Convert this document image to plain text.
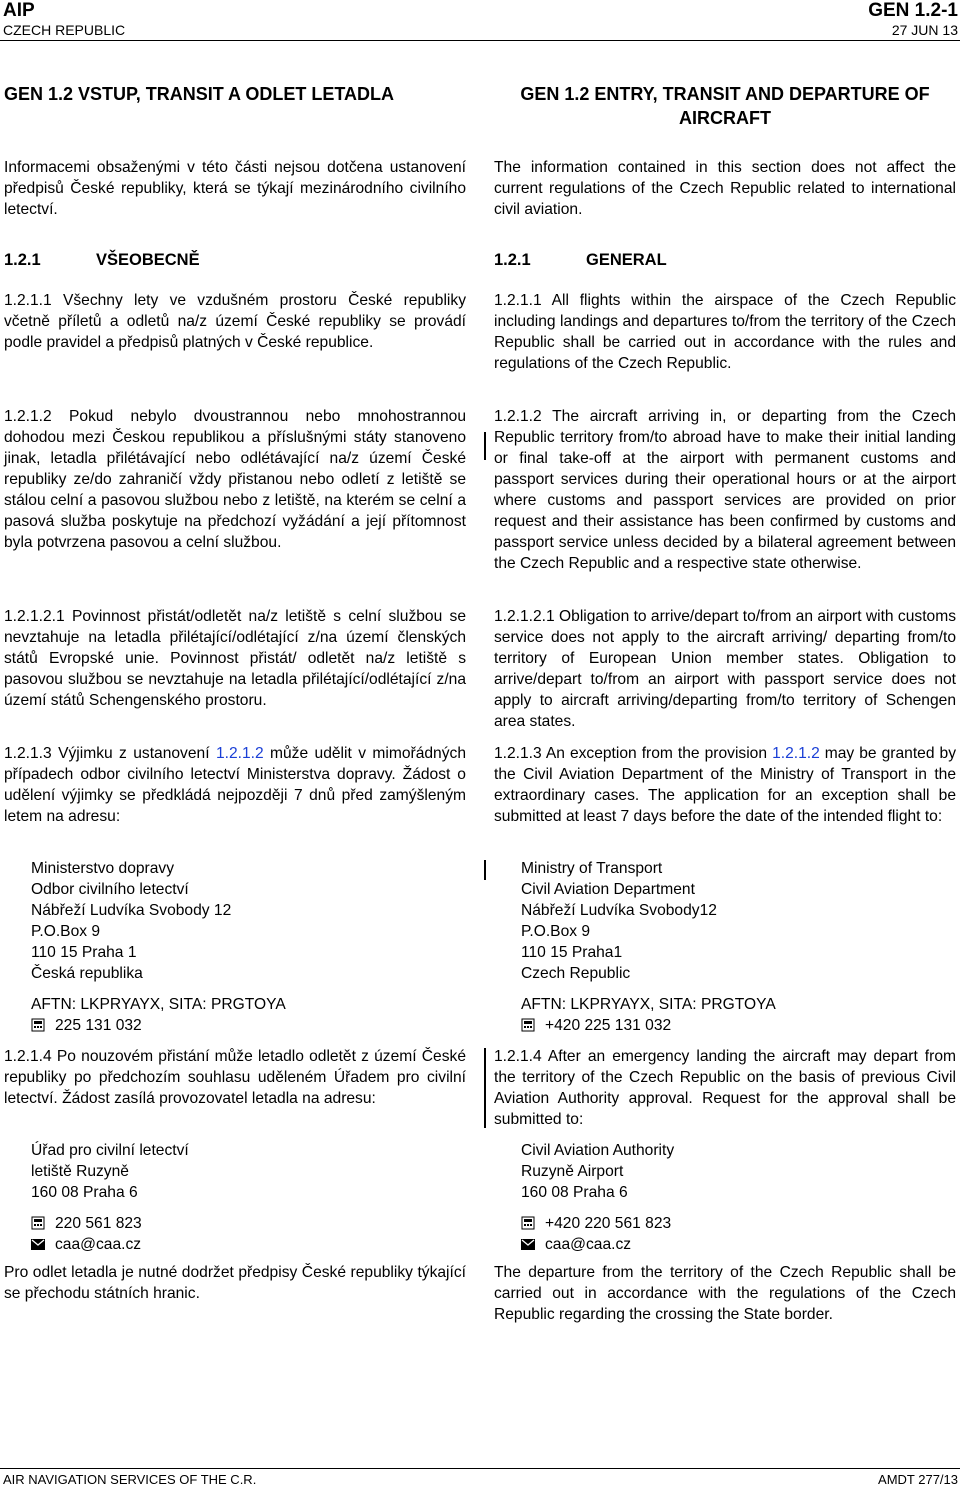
AIP
CZECH REPUBLIC
GEN 1.2-1
27 JUN 13
GEN 1.2 VSTUP, TRANSIT A ODLET LETADLA
Informacemi obsaženými v této části nejsou dotčena ustanovení předpisů České republiky, která se týkají mezinárodního civilního letectví.
1.2.1	VŠEOBECNĚ
1.2.1.1 Všechny lety ve vzdušném prostoru České republiky včetně příletů a odletů na/z území České republiky se provádí podle pravidel a předpisů platných v České republice.
1.2.1.2 Pokud nebylo dvoustrannou nebo mnohostrannou dohodou mezi Českou republikou a příslušnými státy stanoveno jinak, letadla přilétávající nebo odlétávající na/z území České republiky ze/do zahraničí vždy přistanou nebo odletí z letiště se stálou celní a pasovou službou nebo z letiště, na kterém se celní a pasová služba poskytuje na předchozí vyžádání a její přítomnost byla potvrzena pasovou a celní službou.
1.2.1.2.1 Povinnost přistát/odletět na/z letiště s celní službou se nevztahuje na letadla přilétající/odlétající z/na území členských států Evropské unie. Povinnost přistát/ odletět na/z letiště s pasovou službou se nevztahuje na letadla přilétající/odlétající z/na území států Schengenského prostoru.
1.2.1.3 Výjimku z ustanovení 1.2.1.2 může udělit v mimořádných případech odbor civilního letectví Ministerstva dopravy. Žádost o udělení výjimky se předkládá nejpozději 7 dnů před zamýšleným letem na adresu:
Ministerstvo dopravy
Odbor civilního letectví
Nábřeží Ludvíka Svobody 12
P.O.Box 9
110 15 Praha 1
Česká republika
AFTN: LKPRYAYX, SITA: PRGTOYA
225 131 032
1.2.1.4 Po nouzovém přistání může letadlo odletět z území České republiky po předchozím souhlasu uděleném Úřadem pro civilní letectví. Žádost zasílá provozovatel letadla na adresu:
Úřad pro civilní letectví
letiště Ruzyně
160 08 Praha 6
220 561 823
caa@caa.cz
Pro odlet letadla je nutné dodržet předpisy České republiky týkající se přechodu státních hranic.
GEN 1.2 ENTRY, TRANSIT AND DEPARTURE OF AIRCRAFT
The information contained in this section does not affect the current regulations of the Czech Republic related to international civil aviation.
1.2.1	GENERAL
1.2.1.1 All flights within the airspace of the Czech Republic including landings and departures to/from the territory of the Czech Republic shall be carried out in accordance with the rules and regulations of the Czech Republic.
1.2.1.2 The aircraft arriving in, or departing from the Czech Republic territory from/to abroad have to make their initial landing or final take-off at the airport with permanent customs and passport services during their operational hours or at the airport where customs and passport services are provided on prior request and their assistance has been confirmed by customs and passport service unless decided by a bilateral agreement between the Czech Republic and a respective state otherwise.
1.2.1.2.1 Obligation to arrive/depart to/from an airport with customs service does not apply to the aircraft arriving/ departing from/to territory of European Union member states. Obligation to arrive/depart to/from an airport with passport service does not apply to aircraft arriving/departing from/to territory of Schengen area states.
1.2.1.3 An exception from the provision 1.2.1.2 may be granted by the Civil Aviation Department of the Ministry of Transport in the extraordinary cases. The application for an exception shall be submitted at least 7 days before the date of the intended flight to:
Ministry of Transport
Civil Aviation Department
Nábřeží Ludvíka Svobody12
P.O.Box 9
110 15 Praha1
Czech Republic
AFTN: LKPRYAYX, SITA: PRGTOYA
+420 225 131 032
1.2.1.4 After an emergency landing the aircraft may depart from the territory of the Czech Republic on the basis of previous Civil Aviation Authority approval. Request for the approval shall be submitted to:
Civil Aviation Authority
Ruzyně Airport
160 08 Praha 6
+420 220 561 823
caa@caa.cz
The departure from the territory of the Czech Republic shall be carried out in accordance with the regulations of the Czech Republic regarding the crossing the State border.
AIR NAVIGATION SERVICES OF THE C.R.	AMDT 277/13
